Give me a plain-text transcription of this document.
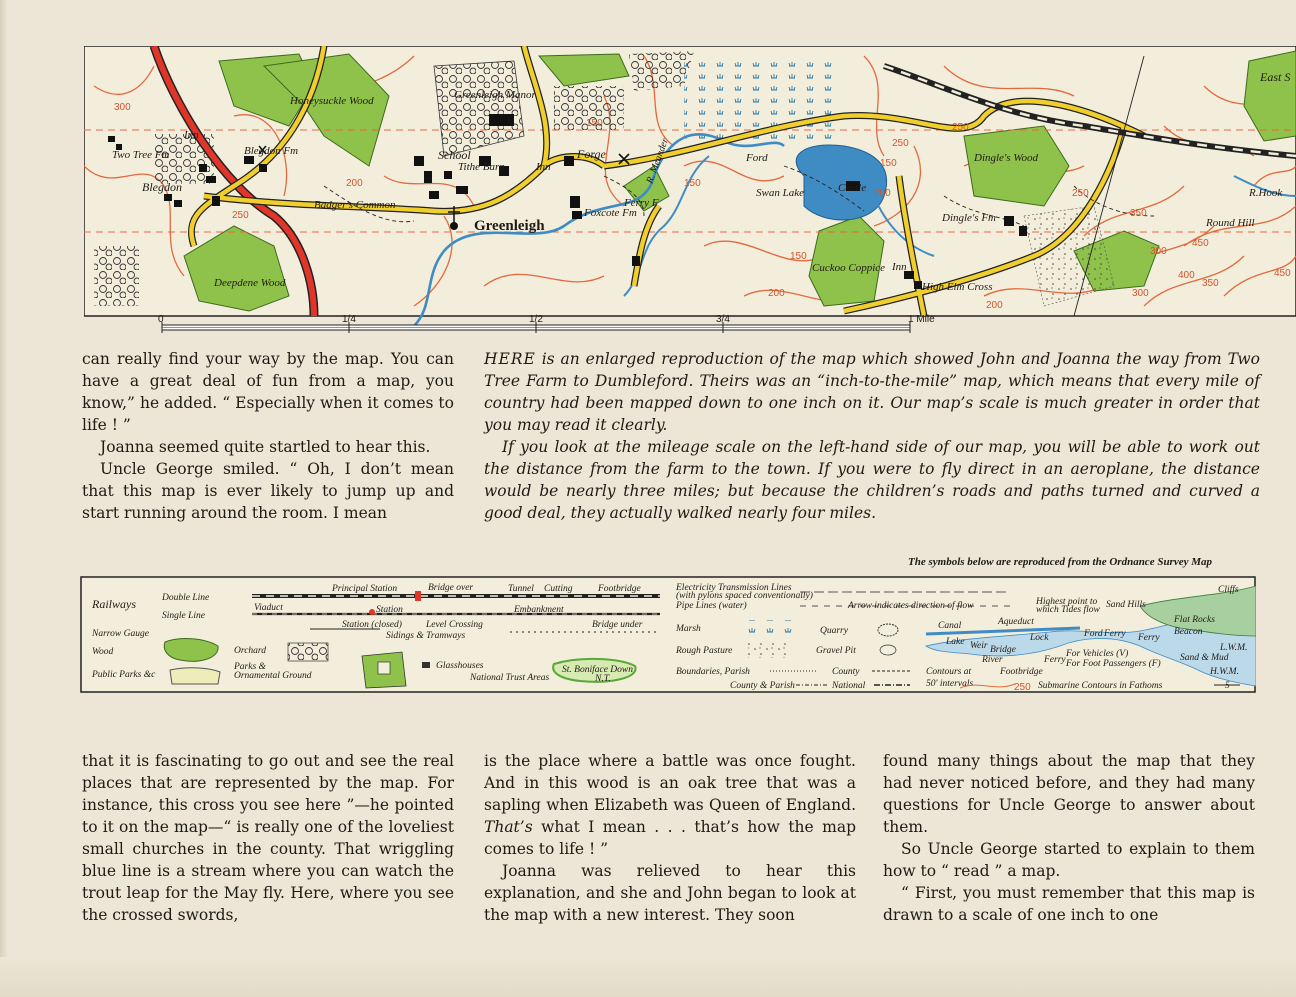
Honeysuckle Wood	Greenleigh Manor
Inn
Two Tree Fm	Blegdon Fm
Blegdon
School
Tithe Barn	Inn
Forge
Badger's Common
Greenleigh
Foxcote Fm
Ferry F
R. Meander	Ford
Swan Lake	Castle
Dingle's Wood
Dingle's Fm
Deepdene Wood
Cuckoo Coppice Inn
High Elm Cross
East S
R.Hook
Round Hill
300
250
200
150
150
150
200
250
150
200	250
300
350
400
450
350
250
200
300
450
0	1/4	1/2	3/4	1 Mile

can really find your way by the map. You can have a great deal of fun from a map, you know,” he added. “ Especially when it comes to life ! ”

Joanna seemed quite startled to hear this.

Uncle George smiled. “ Oh, I don’t mean that this map is ever likely to jump up and start running around the room. I mean

HERE is an enlarged reproduction of the map which showed John and Joanna the way from Two Tree Farm to Dumbleford. Theirs was an “inch-to-the-mile” map, which means that every mile of country had been mapped down to one inch on it. Our map’s scale is much greater in order that you may read it clearly.

If you look at the mileage scale on the left-hand side of our map, you will be able to work out the distance from the farm to the town. If you were to fly direct in an aeroplane, the distance would be nearly three miles; but because the children’s roads and paths turned and curved a good deal, they actually walked nearly four miles.

The symbols below are reproduced from the Ordnance Survey Map
Railways	Double Line
Single Line
Narrow Gauge
Wood
Public Parks &c
Principal Station	Bridge over	Tunnel Cutting	Footbridge
Viaduct	Station	Embankment
Station (closed)	Level Crossing	Bridge under
Sidings & Tramways
Orchard
Parks &
Ornamental Ground
Glasshouses
National Trust Areas
St. Boniface Down
N.T.
Electricity Transmission Lines
(with pylons spaced conventionally)
Pipe Lines (water)	Arrow indicates direction of flow
Marsh	Quarry
Rough Pasture	Gravel Pit
Boundaries, Parish	County
County & Parish	National
Contours at
50' intervals	250 Submarine Contours in Fathoms	5
Canal	Aqueduct
Highest point to
which Tides flow
Lock	Ford Ferry Ferry
Lake Weir Bridge
River	Ferry
For Vehicles (V)
For Foot Passengers (F)
Footbridge
Sand Hills
Cliffs
Flat Rocks
Beacon
L.W.M.
Sand & Mud
H.W.M.

that it is fascinating to go out and see the real places that are represented by the map. For instance, this cross you see here ”—he pointed to it on the map—“ is really one of the loveliest small churches in the county. That wriggling blue line is a stream where you can watch the trout leap for the May fly. Here, where you see the crossed swords,

is the place where a battle was once fought. And in this wood is an oak tree that was a sapling when Elizabeth was Queen of England. That’s what I mean . . . that’s how the map comes to life ! ”

Joanna was relieved to hear this explanation, and she and John began to look at the map with a new interest. They soon

found many things about the map that they had never noticed before, and they had many questions for Uncle George to answer about them.

So Uncle George started to explain to them how to “ read ” a map.

“ First, you must remember that this map is drawn to a scale of one inch to one
